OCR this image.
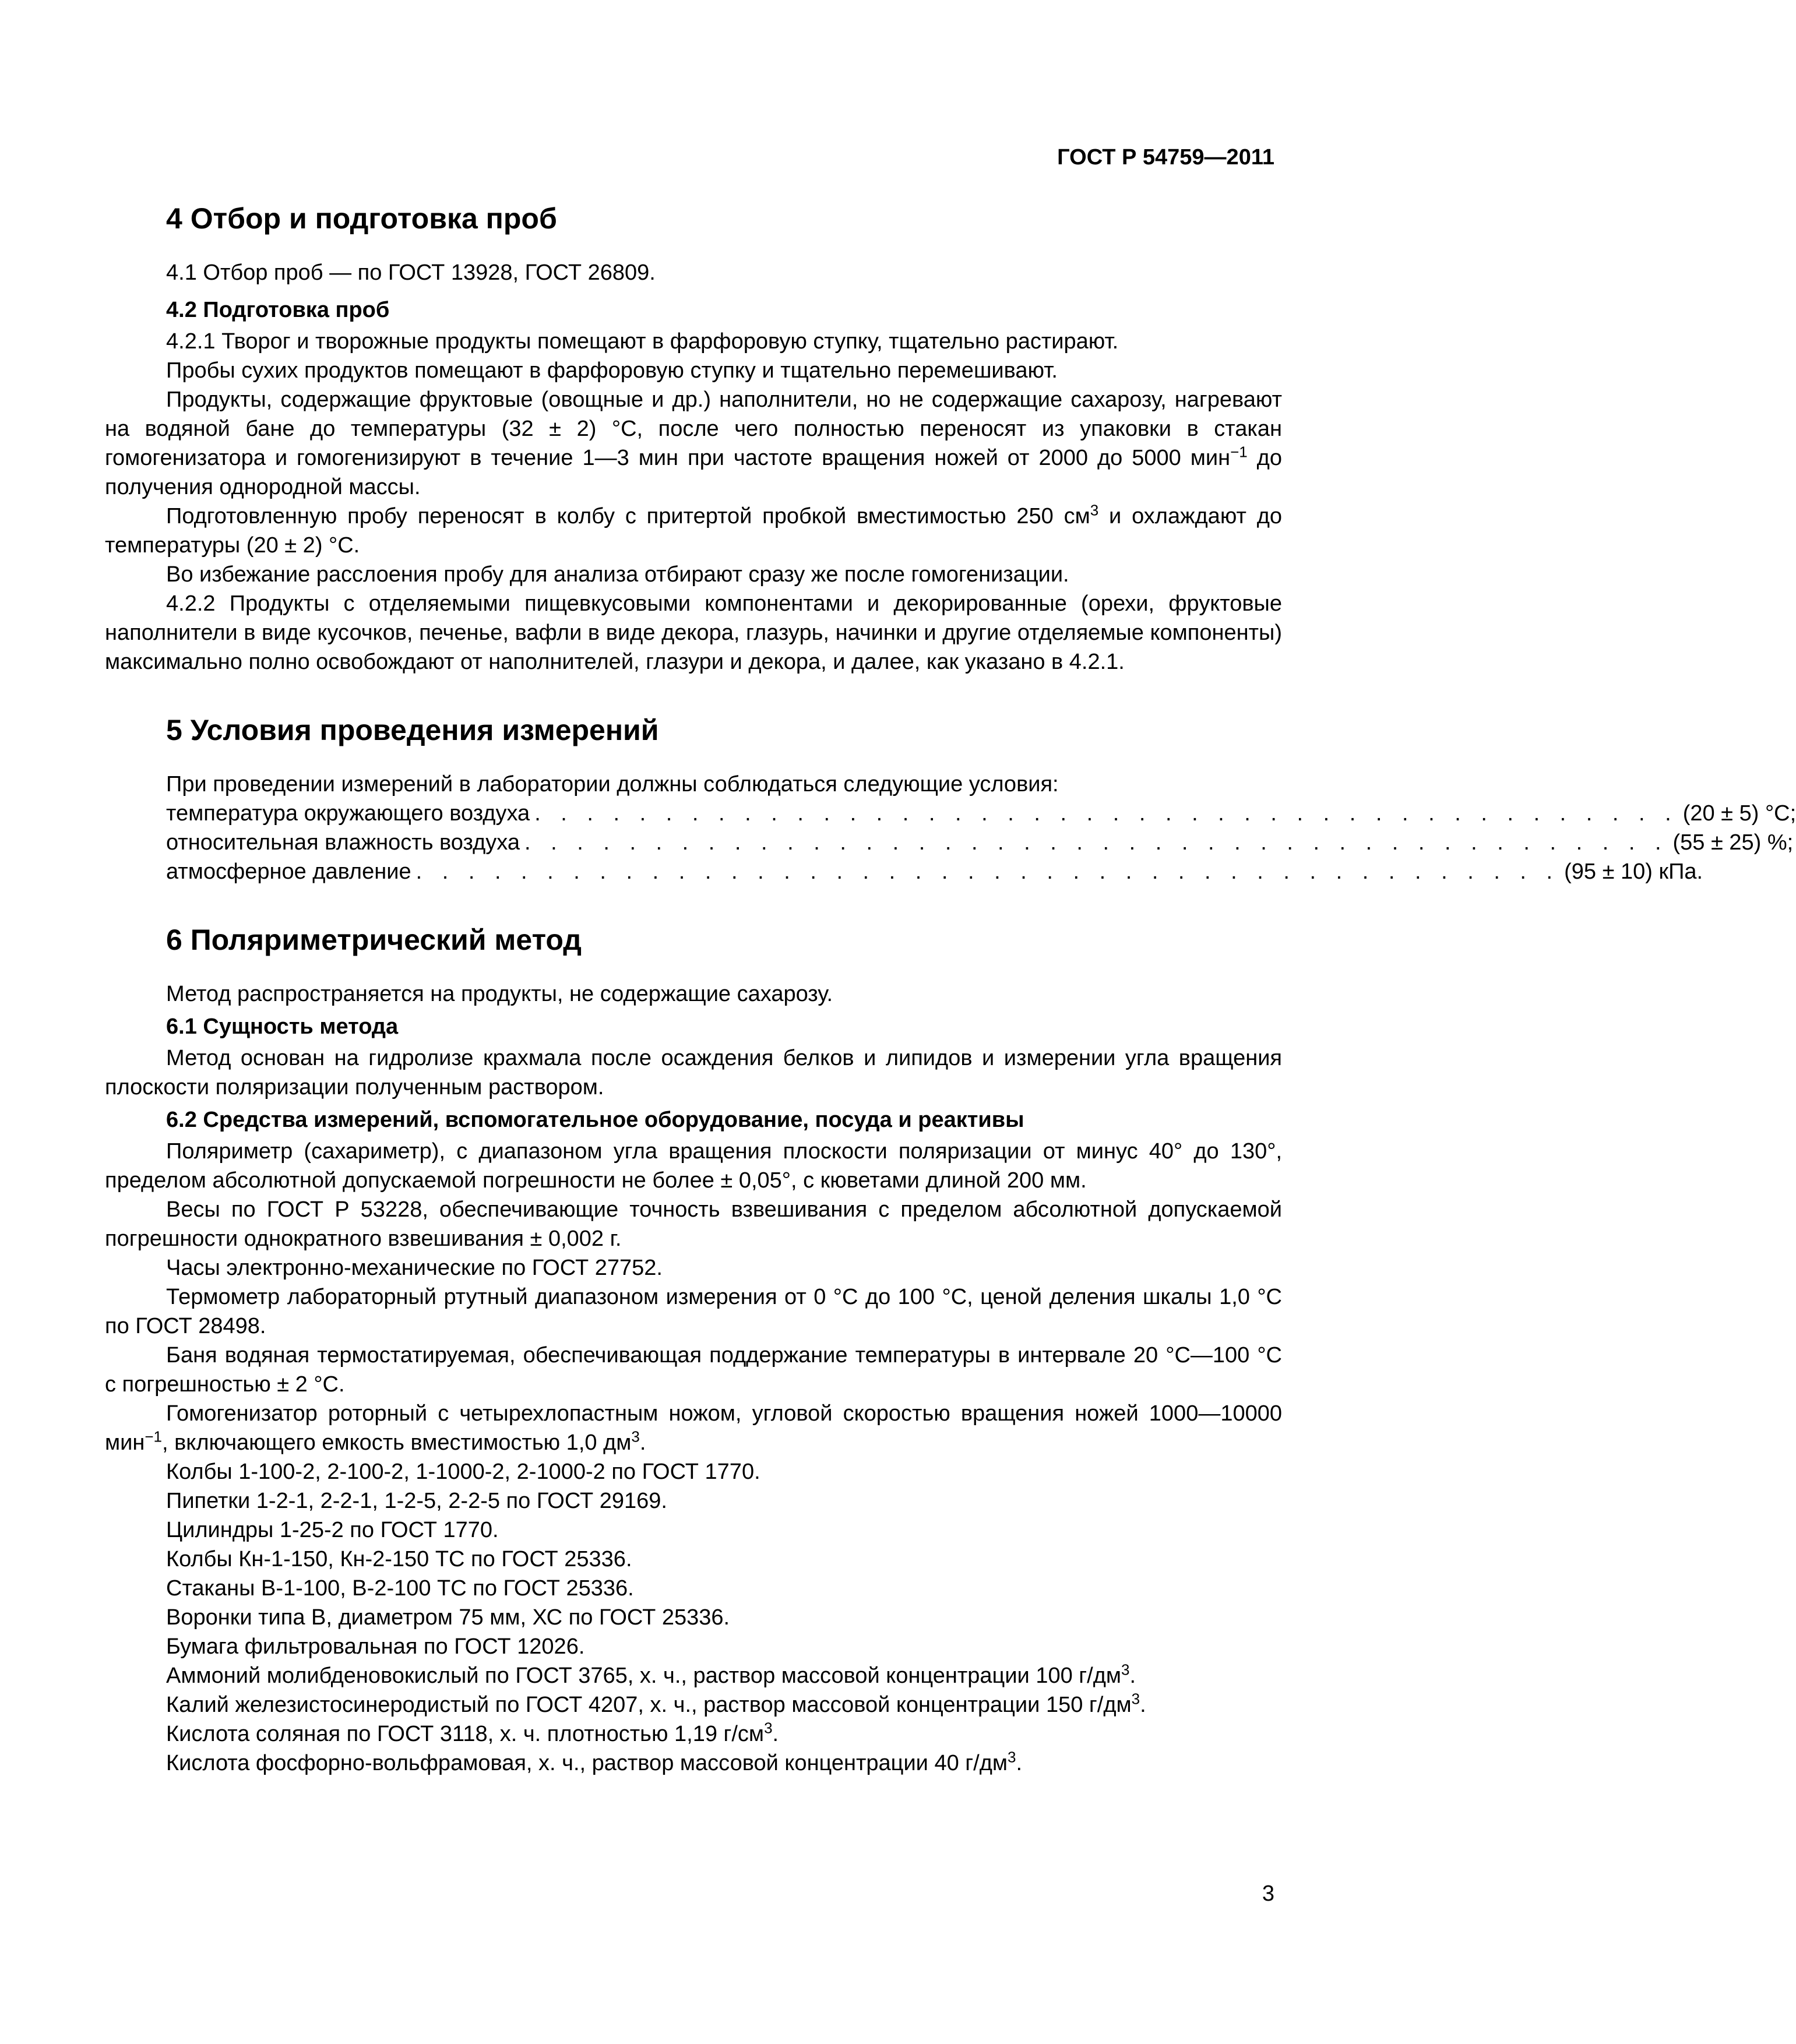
ГОСТ Р 54759—2011
4 Отбор и подготовка проб

4.1 Отбор проб — по ГОСТ 13928, ГОСТ 26809.

4.2 Подготовка проб

4.2.1 Творог и творожные продукты помещают в фарфоровую ступку, тщательно растирают.

Пробы сухих продуктов помещают в фарфоровую ступку и тщательно перемешивают.

Продукты, содержащие фруктовые (овощные и др.) наполнители, но не содержащие сахарозу, нагревают на водяной бане до температуры (32 ± 2) °С, после чего полностью переносят из упаковки в стакан гомогенизатора и гомогенизируют в течение 1—3 мин при частоте вращения ножей от 2000 до 5000 мин$^{-1}$ до получения однородной массы.

Подготовленную пробу переносят в колбу с притертой пробкой вместимостью 250 $см^3$ и охлаждают до температуры (20 ± 2) °С.

Во избежание расслоения пробу для анализа отбирают сразу же после гомогенизации.

4.2.2 Продукты с отделяемыми пищевкусовыми компонентами и декорированные (орехи, фруктовые наполнители в виде кусочков, печенье, вафли в виде декора, глазурь, начинки и другие отделяемые компоненты) максимально полно освобождают от наполнителей, глазури и декора, и далее, как указано в 4.2.1.

5 Условия проведения измерений

При проведении измерений в лаборатории должны соблюдаться следующие условия:

температура окружающего воздуха . . . . . . . . . . . . . . . . . . . . . . . . . . . . . . . . . . . . . . . . . . . . (20 ± 5) °С;
относительная влажность воздуха . . . . . . . . . . . . . . . . . . . . . . . . . . . . . . . . . . . . . . . . . . . . (55 ± 25) %;
атмосферное давление . . . . . . . . . . . . . . . . . . . . . . . . . . . . . . . . . . . . . . . . . . . . (95 ± 10) кПа.
6 Поляриметрический метод

Метод распространяется на продукты, не содержащие сахарозу.

6.1 Сущность метода

Метод основан на гидролизе крахмала после осаждения белков и липидов и измерении угла вращения плоскости поляризации полученным раствором.

6.2 Средства измерений, вспомогательное оборудование, посуда и реактивы

Поляриметр (сахариметр), с диапазоном угла вращения плоскости поляризации от минус 40° до 130°, пределом абсолютной допускаемой погрешности не более ± 0,05°, с кюветами длиной 200 мм.

Весы по ГОСТ Р 53228, обеспечивающие точность взвешивания с пределом абсолютной допускаемой погрешности однократного взвешивания ± 0,002 г.

Часы электронно-механические по ГОСТ 27752.

Термометр лабораторный ртутный диапазоном измерения от 0 °С до 100 °С, ценой деления шкалы 1,0 °С по ГОСТ 28498.

Баня водяная термостатируемая, обеспечивающая поддержание температуры в интервале 20 °С—100 °С с погрешностью ± 2 °С.

Гомогенизатор роторный с четырехлопастным ножом, угловой скоростью вращения ножей 1000—10000 мин$^{-1}$, включающего емкость вместимостью 1,0 $дм^3$.

Колбы 1-100-2, 2-100-2, 1-1000-2, 2-1000-2 по ГОСТ 1770.

Пипетки 1-2-1, 2-2-1, 1-2-5, 2-2-5 по ГОСТ 29169.

Цилиндры 1-25-2 по ГОСТ 1770.

Колбы Кн-1-150, Кн-2-150 ТС по ГОСТ 25336.

Стаканы В-1-100, В-2-100 ТС по ГОСТ 25336.

Воронки типа В, диаметром 75 мм, ХС по ГОСТ 25336.

Бумага фильтровальная по ГОСТ 12026.

Аммоний молибденовокислый по ГОСТ 3765, х. ч., раствор массовой концентрации 100 $г/дм^3$.

Калий железистосинеродистый по ГОСТ 4207, х. ч., раствор массовой концентрации 150 $г/дм^3$.

Кислота соляная по ГОСТ 3118, х. ч. плотностью 1,19 $г/см^3$.

Кислота фосфорно-вольфрамовая, х. ч., раствор массовой концентрации 40 $г/дм^3$.

3
